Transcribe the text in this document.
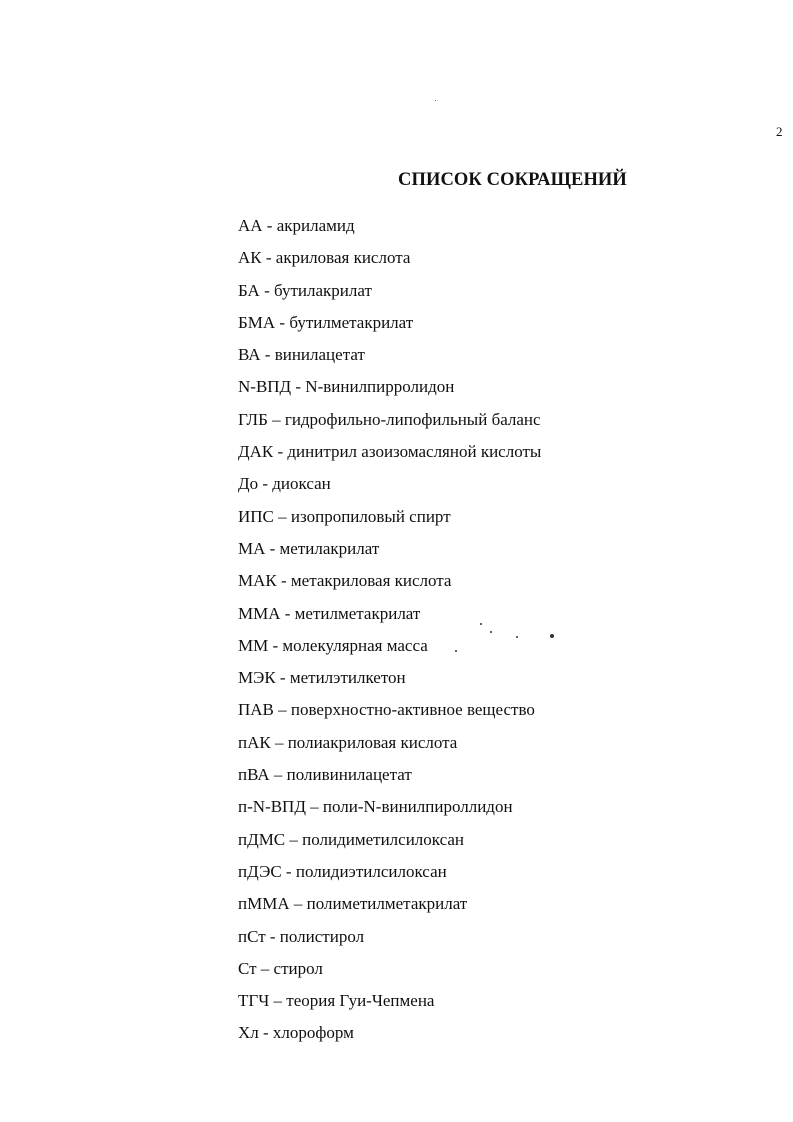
2
СПИСОК СОКРАЩЕНИЙ
АА - акриламид
АК - акриловая кислота
БА - бутилакрилат
БМА - бутилметакрилат
ВА - винилацетат
N-ВПД - N-винилпирролидон
ГЛБ – гидрофильно-липофильный баланс
ДАК - динитрил азоизомасляной кислоты
До - диоксан
ИПС – изопропиловый спирт
МА - метилакрилат
МАК - метакриловая кислота
ММА - метилметакрилат
ММ - молекулярная масса
МЭК - метилэтилкетон
ПАВ – поверхностно-активное вещество
пАК – полиакриловая кислота
пВА – поливинилацетат
п-N-ВПД – поли-N-винилпироллидон
пДМС – полидиметилсилоксан
пДЭС - полидиэтилсилоксан
пММА – полиметилметакрилат
пСт - полистирол
Ст – стирол
ТГЧ – теория Гуи-Чепмена
Хл - хлороформ
